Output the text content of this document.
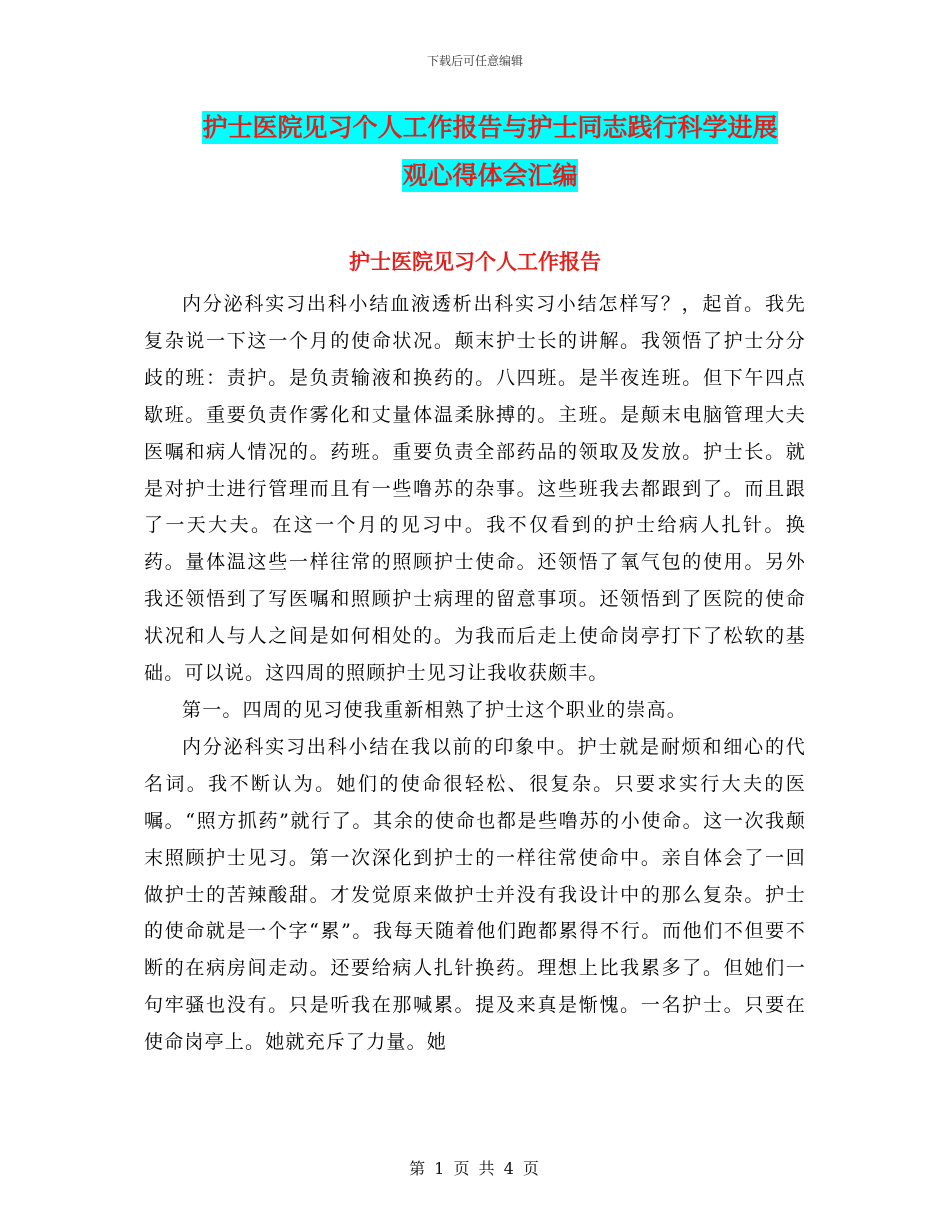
下载后可任意编辑
护士医院见习个人工作报告与护士同志践行科学进展
观心得体会汇编
护士医院见习个人工作报告

内分泌科实习出科小结血液透析出科实习小结怎样写？，起首。我先复杂说一下这一个月的使命状况。颠末护士长的讲解。我领悟了护士分分歧的班：责护。是负责输液和换药的。八四班。是半夜连班。但下午四点歇班。重要负责作雾化和丈量体温柔脉搏的。主班。是颠末电脑管理大夫医嘱和病人情况的。药班。重要负责全部药品的领取及发放。护士长。就是对护士进行管理而且有一些噜苏的杂事。这些班我去都跟到了。而且跟了一天大夫。在这一个月的见习中。我不仅看到的护士给病人扎针。换药。量体温这些一样往常的照顾护士使命。还领悟了氧气包的使用。另外我还领悟到了写医嘱和照顾护士病理的留意事项。还领悟到了医院的使命状况和人与人之间是如何相处的。为我而后走上使命岗亭打下了松软的基础。可以说。这四周的照顾护士见习让我收获颇丰。

第一。四周的见习使我重新相熟了护士这个职业的崇高。

内分泌科实习出科小结在我以前的印象中。护士就是耐烦和细心的代名词。我不断认为。她们的使命很轻松、很复杂。只要求实行大夫的医嘱。“照方抓药”就行了。其余的使命也都是些噜苏的小使命。这一次我颠末照顾护士见习。第一次深化到护士的一样往常使命中。亲自体会了一回做护士的苦辣酸甜。才发觉原来做护士并没有我设计中的那么复杂。护士的使命就是一个字“累”。我每天随着他们跑都累得不行。而他们不但要不断的在病房间走动。还要给病人扎针换药。理想上比我累多了。但她们一句牢骚也没有。只是听我在那喊累。提及来真是惭愧。一名护士。只要在使命岗亭上。她就充斥了力量。她

第 1 页 共 4 页
